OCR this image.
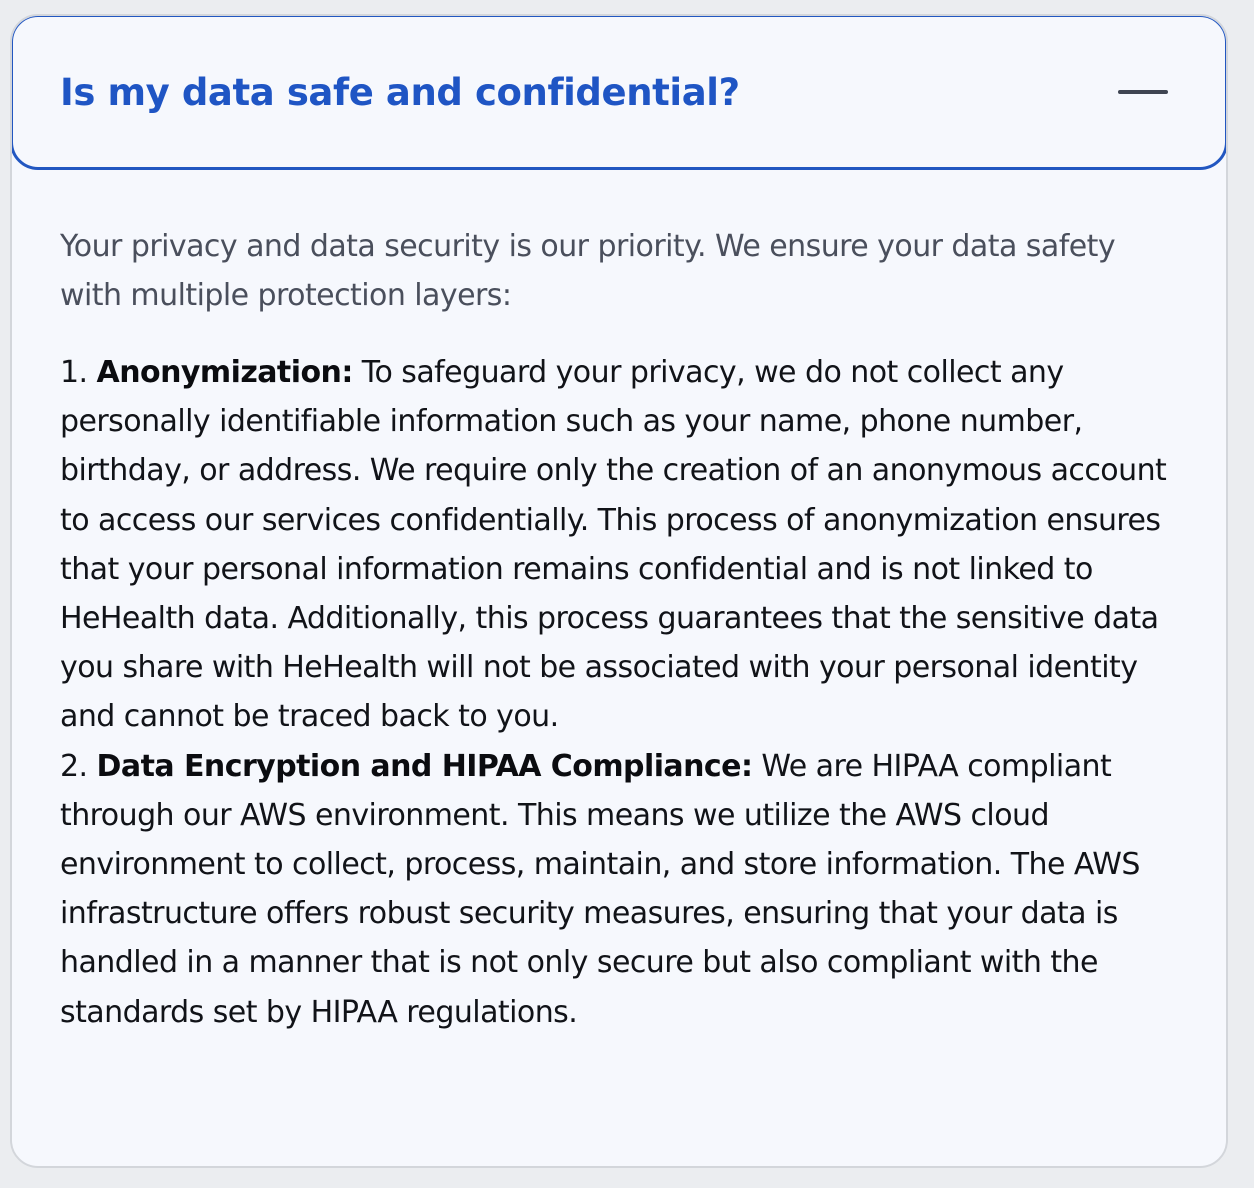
Is my data safe and confidential?

Your privacy and data security is our priority. We ensure your data safety with multiple protection layers:

1. Anonymization: To safeguard your privacy, we do not collect any personally identifiable information such as your name, phone number, birthday, or address. We require only the creation of an anonymous account to access our services confidentially. This process of anonymization ensures that your personal information remains confidential and is not linked to HeHealth data. Additionally, this process guarantees that the sensitive data you share with HeHealth will not be associated with your personal identity and cannot be traced back to you.
2. Data Encryption and HIPAA Compliance: We are HIPAA compliant through our AWS environment. This means we utilize the AWS cloud environment to collect, process, maintain, and store information. The AWS infrastructure offers robust security measures, ensuring that your data is handled in a manner that is not only secure but also compliant with the standards set by HIPAA regulations.
